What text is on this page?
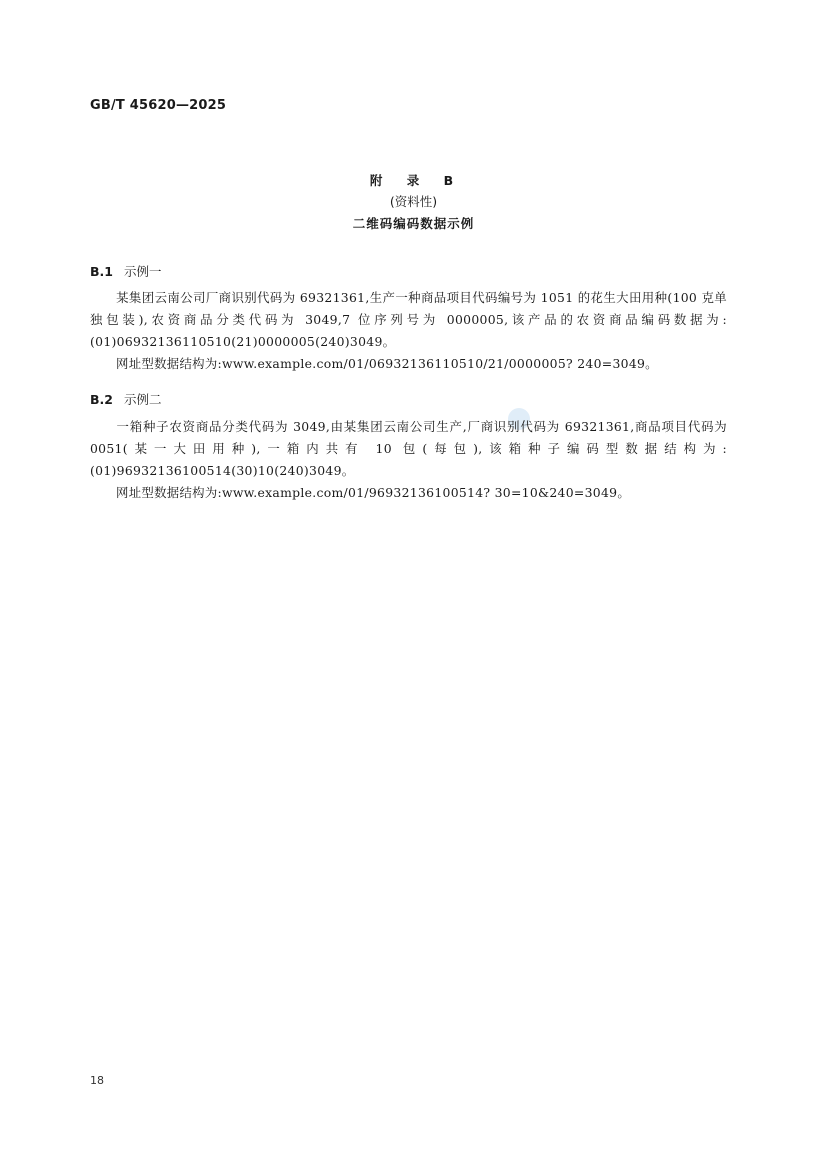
GB/T 45620—2025
附 录 B
(资料性)
二维码编码数据示例
B.1 示例一
某集团云南公司厂商识别代码为 69321361,生产一种商品项目代码编号为 1051 的花生大田用种(100 克单独包装),农资商品分类代码为 3049,7 位序列号为 0000005,该产品的农资商品编码数据为:(01)06932136110510(21)0000005(240)3049。
网址型数据结构为:www.example.com/01/06932136110510/21/0000005? 240=3049。
B.2 示例二
一箱种子农资商品分类代码为 3049,由某集团云南公司生产,厂商识别代码为 69321361,商品项目代码为 0051(某一大田用种),一箱内共有 10 包(每包),该箱种子编码型数据结构为:(01)96932136100514(30)10(240)3049。
网址型数据结构为:www.example.com/01/96932136100514? 30=10&240=3049。
18
